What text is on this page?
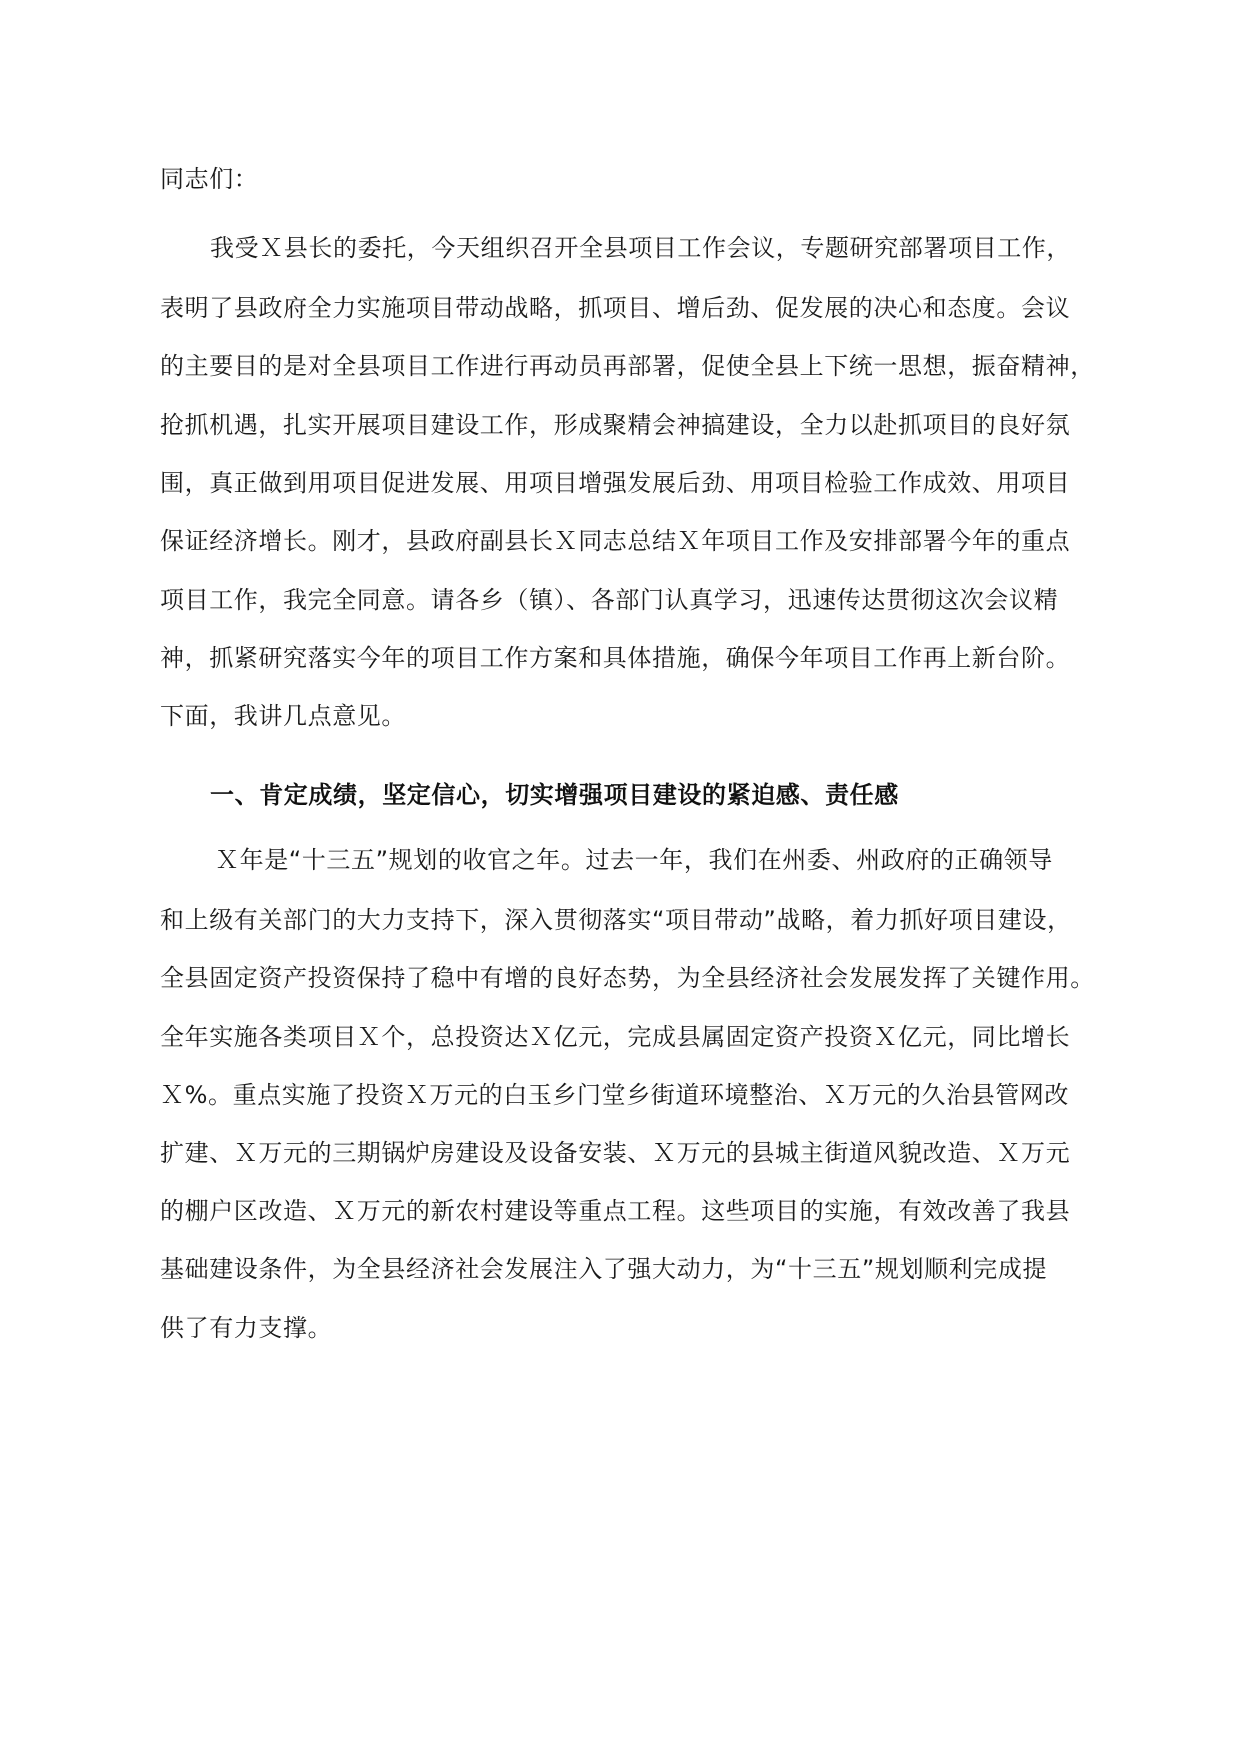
同志们：
我受Ｘ县长的委托，今天组织召开全县项目工作会议，专题研究部署项目工作，
表明了县政府全力实施项目带动战略，抓项目、增后劲、促发展的决心和态度。会议
的主要目的是对全县项目工作进行再动员再部署，促使全县上下统一思想，振奋精神，
抢抓机遇，扎实开展项目建设工作，形成聚精会神搞建设，全力以赴抓项目的良好氛
围，真正做到用项目促进发展、用项目增强发展后劲、用项目检验工作成效、用项目
保证经济增长。刚才，县政府副县长Ｘ同志总结Ｘ年项目工作及安排部署今年的重点
项目工作，我完全同意。请各乡（镇）、各部门认真学习，迅速传达贯彻这次会议精
神，抓紧研究落实今年的项目工作方案和具体措施，确保今年项目工作再上新台阶。
下面，我讲几点意见。
一、肯定成绩，坚定信心，切实增强项目建设的紧迫感、责任感
Ｘ年是“十三五”规划的收官之年。过去一年，我们在州委、州政府的正确领导
和上级有关部门的大力支持下，深入贯彻落实“项目带动”战略，着力抓好项目建设，
全县固定资产投资保持了稳中有增的良好态势，为全县经济社会发展发挥了关键作用。
全年实施各类项目Ｘ个，总投资达Ｘ亿元，完成县属固定资产投资Ｘ亿元，同比增长
Ｘ%。重点实施了投资Ｘ万元的白玉乡门堂乡街道环境整治、Ｘ万元的久治县管网改
扩建、Ｘ万元的三期锅炉房建设及设备安装、Ｘ万元的县城主街道风貌改造、Ｘ万元
的棚户区改造、Ｘ万元的新农村建设等重点工程。这些项目的实施，有效改善了我县
基础建设条件，为全县经济社会发展注入了强大动力，为“十三五”规划顺利完成提
供了有力支撑。
